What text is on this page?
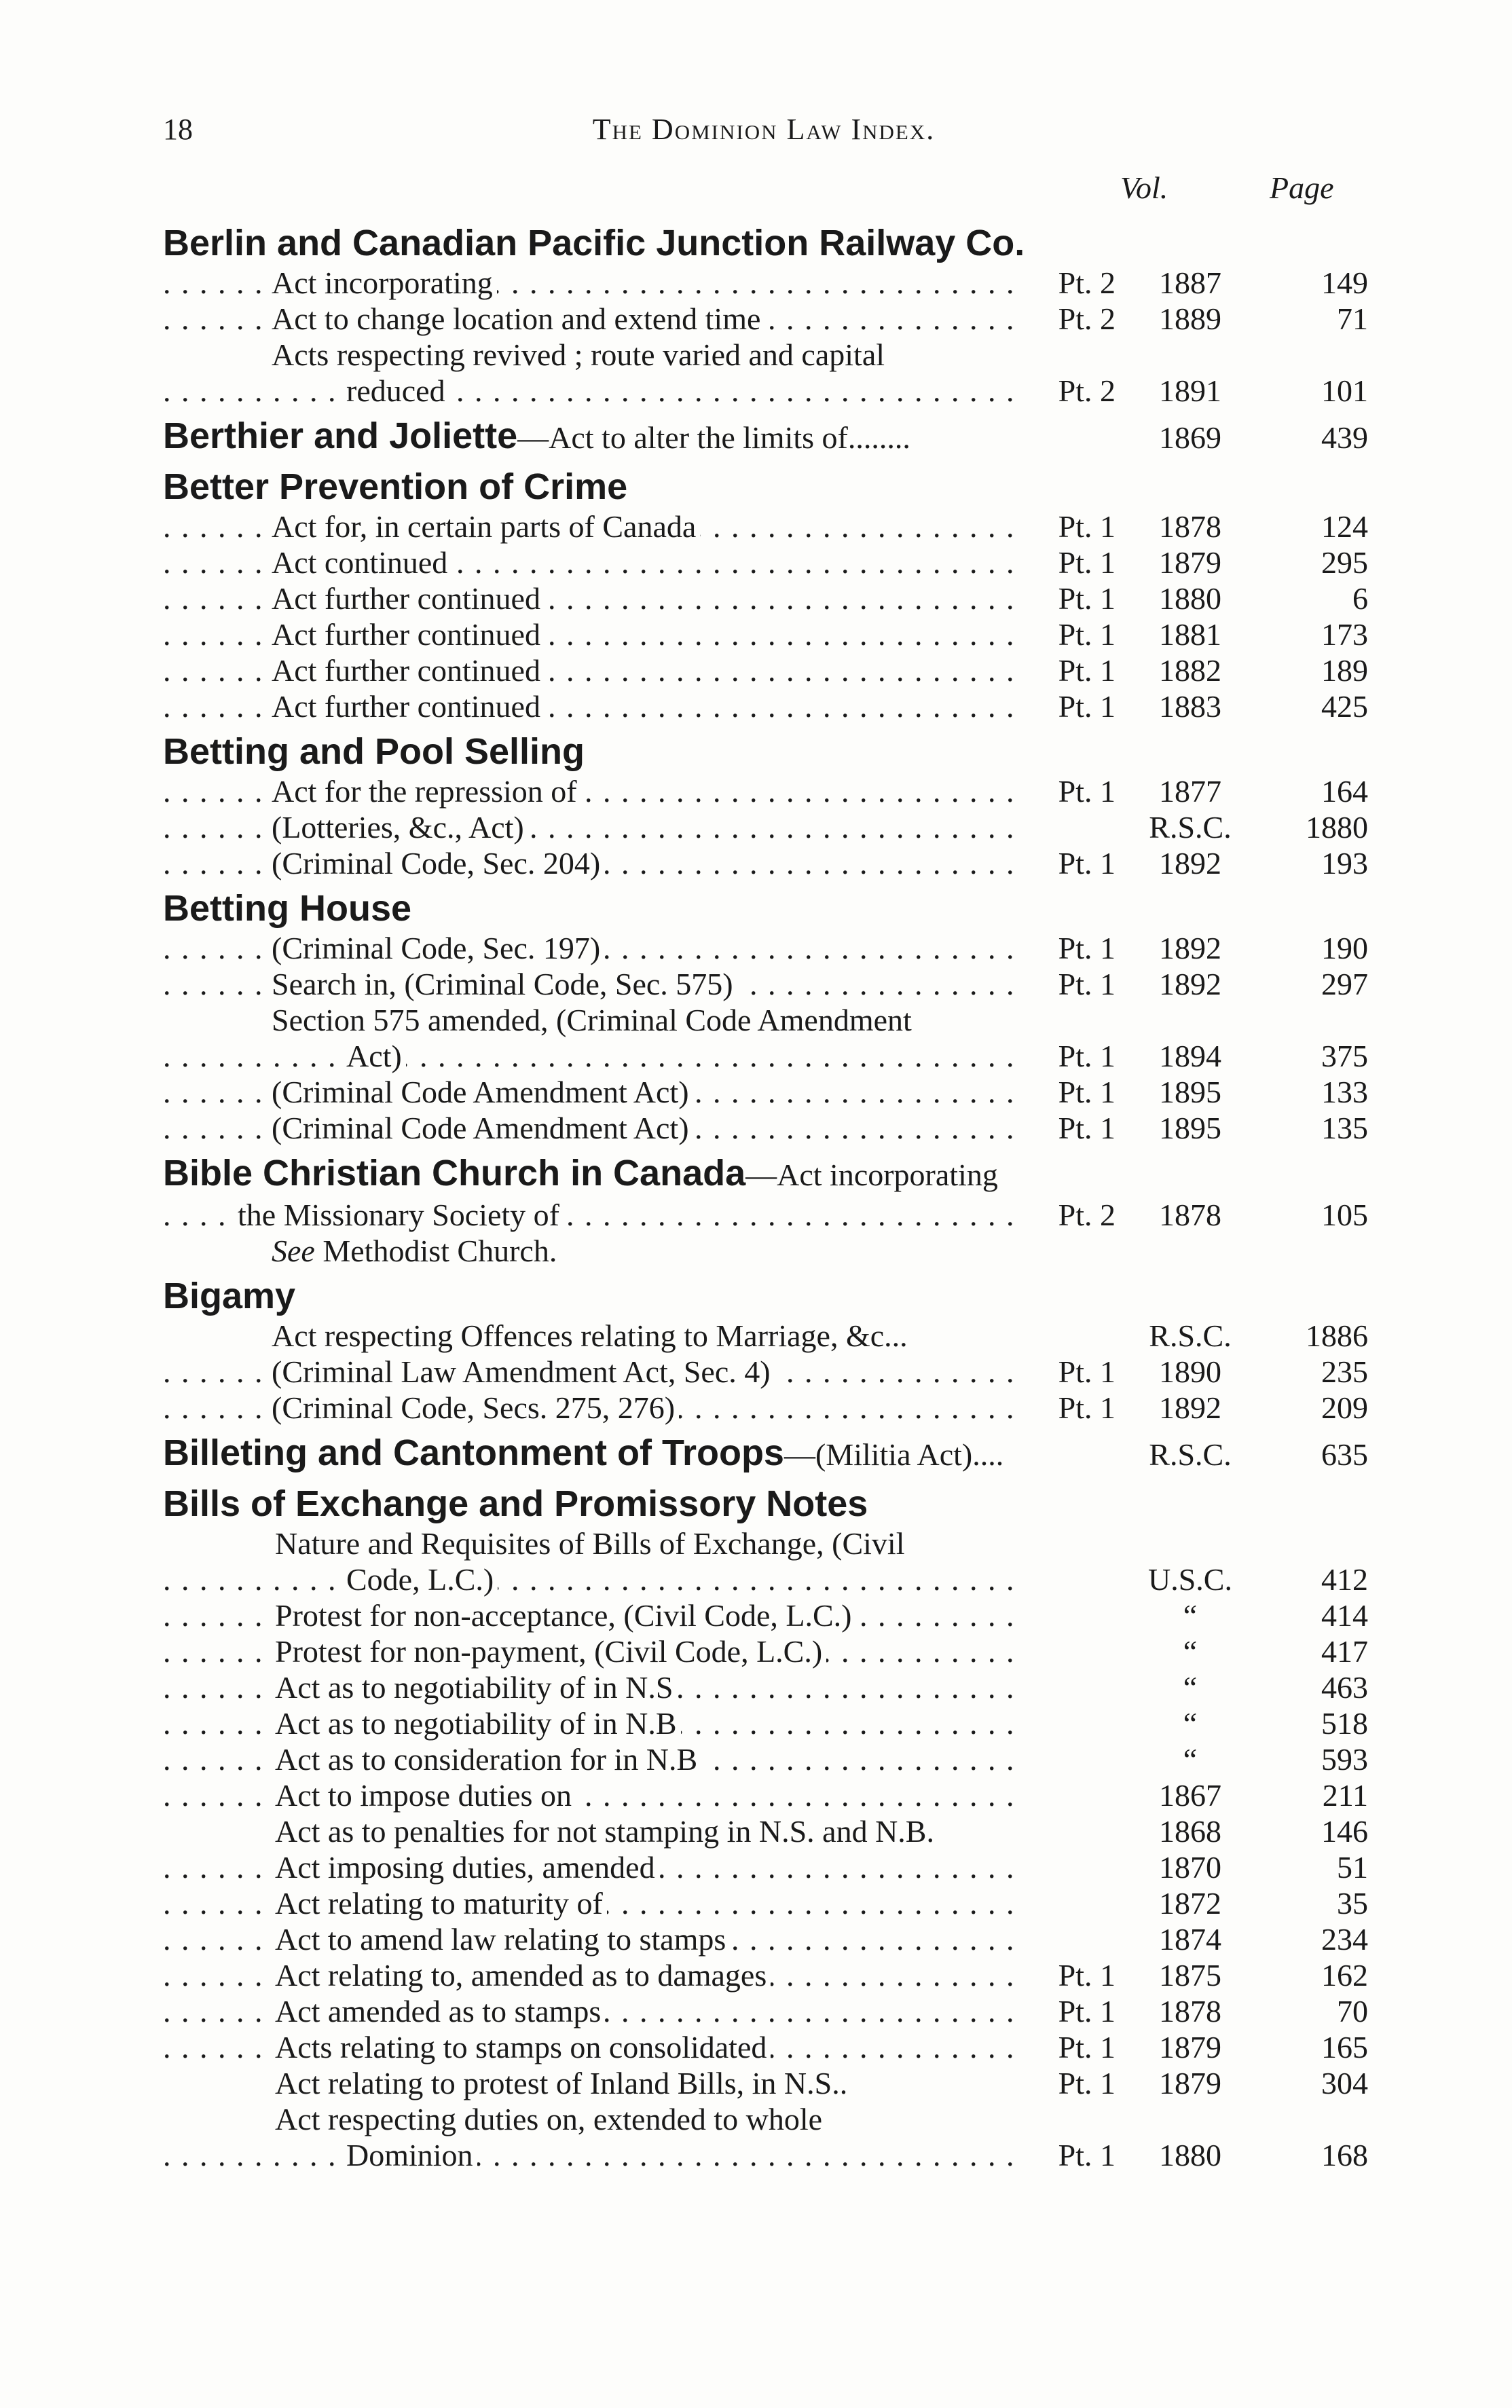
18	The Dominion Law Index.
Vol.	Page
Berlin and Canadian Pacific Junction Railway Co.
Act incorporating . . .	Pt. 2	1887	149
Act to change location and extend time . . .	Pt. 2	1889	71
Acts respecting revived ; route varied and capital
reduced . . .	Pt. 2	1891	101
Berthier and Joliette—Act to alter the limits of........	1869	439
Better Prevention of Crime
Act for, in certain parts of Canada . . .	Pt. 1	1878	124
Act continued . . .	Pt. 1	1879	295
Act further continued . . .	Pt. 1	1880	6
Act further continued . . .	Pt. 1	1881	173
Act further continued . . .	Pt. 1	1882	189
Act further continued . . .	Pt. 1	1883	425
Betting and Pool Selling
Act for the repression of . . .	Pt. 1	1877	164
(Lotteries, &c., Act) . . .	R.S.C.	1880
(Criminal Code, Sec. 204) . . .	Pt. 1	1892	193
Betting House
(Criminal Code, Sec. 197) . . .	Pt. 1	1892	190
Search in, (Criminal Code, Sec. 575) . . .	Pt. 1	1892	297
Section 575 amended, (Criminal Code Amendment
Act) . . .	Pt. 1	1894	375
(Criminal Code Amendment Act) . . .	Pt. 1	1895	133
(Criminal Code Amendment Act) . . .	Pt. 1	1895	135
Bible Christian Church in Canada—Act incorporating
the Missionary Society of . . .	Pt. 2	1878	105
See Methodist Church.
Bigamy
Act respecting Offences relating to Marriage, &c...	R.S.C.	1886
(Criminal Law Amendment Act, Sec. 4) . . .	Pt. 1	1890	235
(Criminal Code, Secs. 275, 276) . . .	Pt. 1	1892	209
Billeting and Cantonment of Troops—(Militia Act)....	R.S.C.	635
Bills of Exchange and Promissory Notes
Nature and Requisites of Bills of Exchange, (Civil
Code, L.C.) . . .	U.S.C.	412
Protest for non-acceptance, (Civil Code, L.C.) . . .	“	414
Protest for non-payment, (Civil Code, L.C.) . . .	“	417
Act as to negotiability of in N.S . . .	“	463
Act as to negotiability of in N.B . . .	“	518
Act as to consideration for in N.B . . .	“	593
Act to impose duties on . . .	1867	211
Act as to penalties for not stamping in N.S. and N.B.	1868	146
Act imposing duties, amended . . .	1870	51
Act relating to maturity of . . .	1872	35
Act to amend law relating to stamps . . .	1874	234
Act relating to, amended as to damages . . .	Pt. 1	1875	162
Act amended as to stamps . . .	Pt. 1	1878	70
Acts relating to stamps on consolidated . . .	Pt. 1	1879	165
Act relating to protest of Inland Bills, in N.S..	Pt. 1	1879	304
Act respecting duties on, extended to whole
Dominion . . .	Pt. 1	1880	168
